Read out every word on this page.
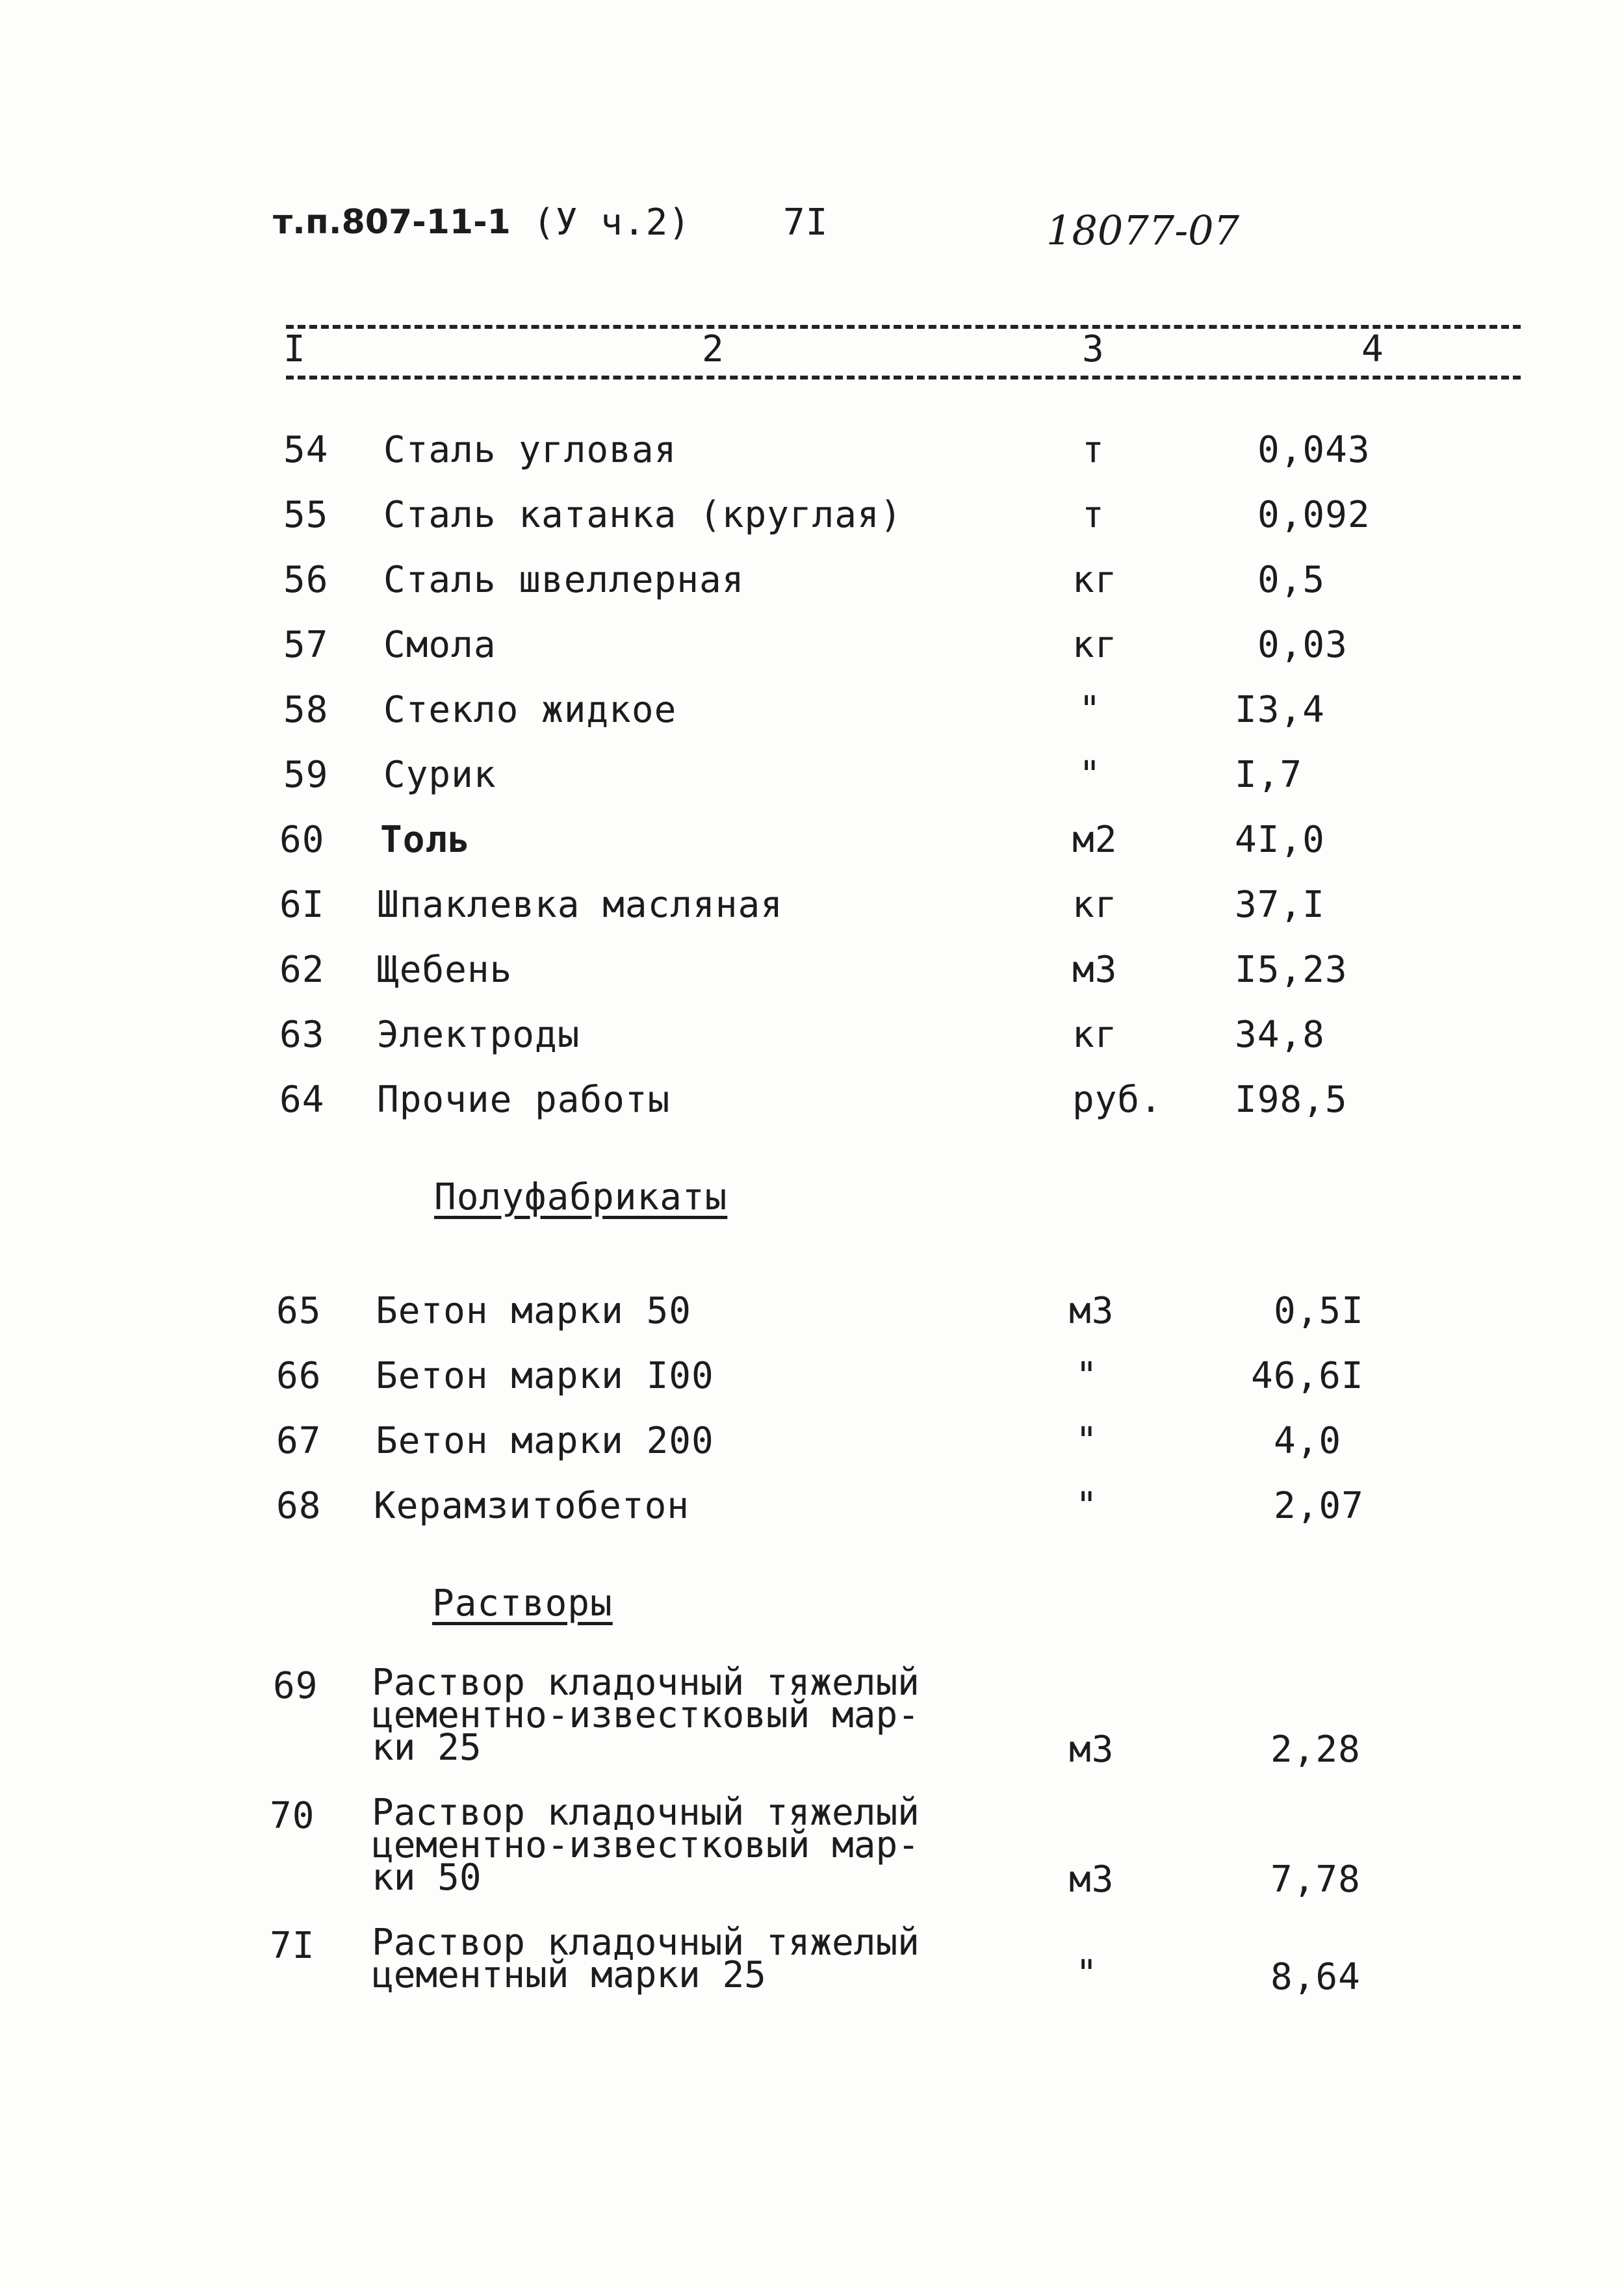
т.п.807-11-1 (У ч.2)	7I	18077-07
I	2	3	4
54 Сталь угловая	т	0,043
55 Сталь катанка (круглая)	т	0,092
56 Сталь швеллерная	кг	0,5
57 Смола	кг	0,03
58 Стекло жидкое	"	I3,4
59 Сурик	"	I,7
60 Толь	м2	4I,0
6I Шпаклевка масляная	кг	37,I
62 Щебень	м3	I5,23
63 Электроды	кг	34,8
64 Прочие работы	руб. I98,5
Полуфабрикаты
65 Бетон марки 50	м3	0,5I
66 Бетон марки I00	"	46,6I
67 Бетон марки 200	"	4,0
68 Керамзитобетон	"	2,07
Растворы
69 Раствор кладочный тяжелый
цементно-известковый мар-
ки 25	м3	2,28
70 Раствор кладочный тяжелый
цементно-известковый мар-
ки 50	м3	7,78
7I Раствор кладочный тяжелый
цементный марки 25	"	8,64
